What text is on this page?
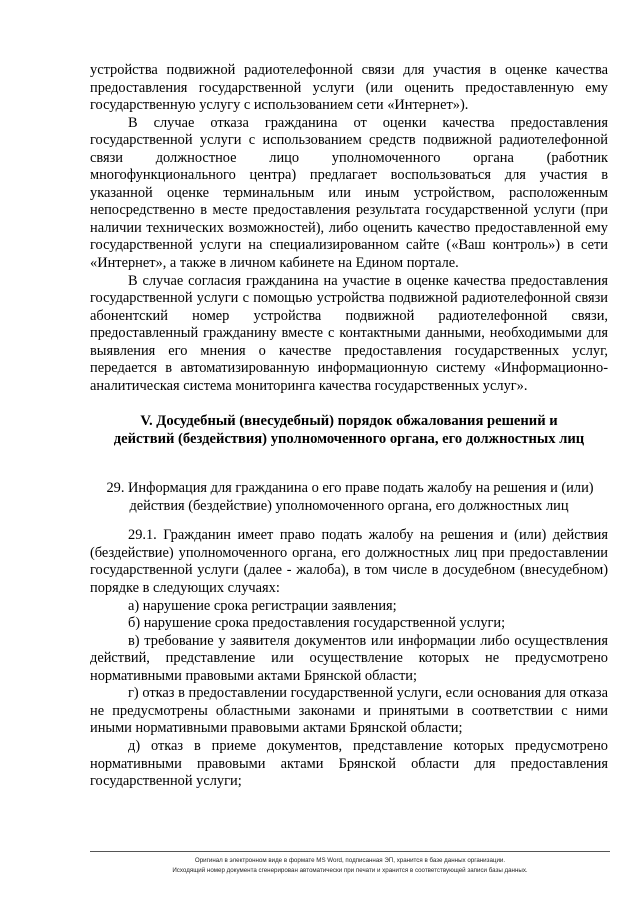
устройства подвижной радиотелефонной связи для участия в оценке качества предоставления государственной услуги (или оценить предоставленную ему государственную услугу с использованием сети «Интернет»).

В случае отказа гражданина от оценки качества предоставления государственной услуги с использованием средств подвижной радиотелефонной связи должностное лицо уполномоченного органа (работник многофункционального центра) предлагает воспользоваться для участия в указанной оценке терминальным или иным устройством, расположенным непосредственно в месте предоставления результата государственной услуги (при наличии технических возможностей), либо оценить качество предоставленной ему государственной услуги на специализированном сайте («Ваш контроль») в сети «Интернет», а также в личном кабинете на Едином портале.

В случае согласия гражданина на участие в оценке качества предоставления государственной услуги с помощью устройства подвижной радиотелефонной связи абонентский номер устройства подвижной радиотелефонной связи, предоставленный гражданину вместе с контактными данными, необходимыми для выявления его мнения о качестве предоставления государственных услуг, передается в автоматизированную информационную систему «Информационно-аналитическая система мониторинга качества государственных услуг».

V. Досудебный (внесудебный) порядок обжалования решений и

действий (бездействия) уполномоченного органа, его должностных лиц

29. Информация для гражданина о его праве подать жалобу на решения и (или)

действия (бездействие) уполномоченного органа, его должностных лиц

29.1. Гражданин имеет право подать жалобу на решения и (или) действия (бездействие) уполномоченного органа, его должностных лиц при предоставлении государственной услуги (далее - жалоба), в том числе в досудебном (внесудебном) порядке в следующих случаях:

а) нарушение срока регистрации заявления;

б) нарушение срока предоставления государственной услуги;

в) требование у заявителя документов или информации либо осуществления действий, представление или осуществление которых не предусмотрено нормативными правовыми актами Брянской области;

г) отказ в предоставлении государственной услуги, если основания для отказа не предусмотрены областными законами и принятыми в соответствии с ними иными нормативными правовыми актами Брянской области;

д) отказ в приеме документов, представление которых предусмотрено нормативными правовыми актами Брянской области для предоставления государственной услуги;

Оригинал в электронном виде в формате MS Word, подписанная ЭП, хранится в базе данных организации.
Исходящий номер документа сгенерирован автоматически при печати и хранится в соответствующей записи базы данных.
